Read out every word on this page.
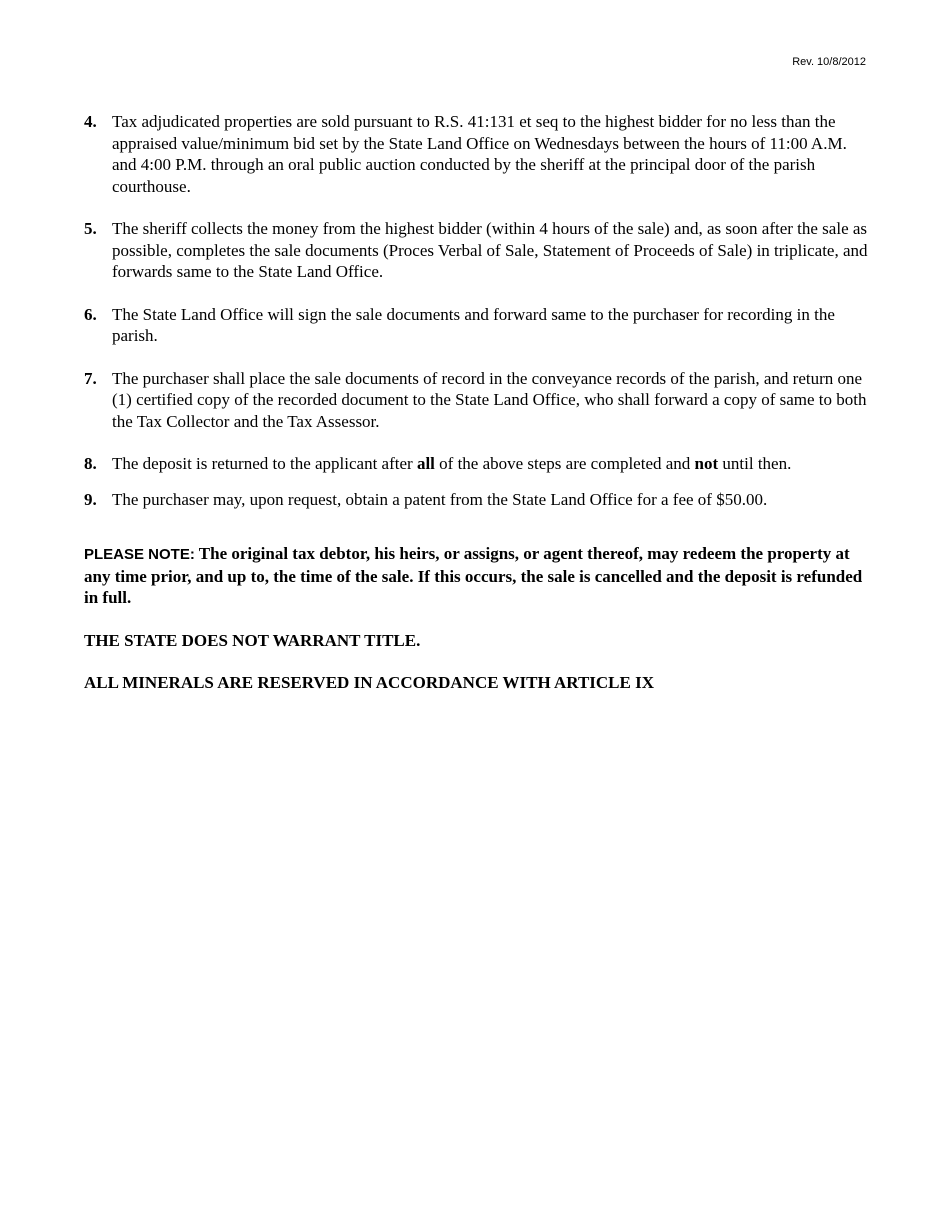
Rev. 10/8/2012
4. Tax adjudicated properties are sold pursuant to R.S. 41:131 et seq to the highest bidder for no less than the appraised value/minimum bid set by the State Land Office on Wednesdays between the hours of 11:00 A.M. and 4:00 P.M. through an oral public auction conducted by the sheriff at the principal door of the parish courthouse.
5. The sheriff collects the money from the highest bidder (within 4 hours of the sale) and, as soon after the sale as possible, completes the sale documents (Proces Verbal of Sale, Statement of Proceeds of Sale) in triplicate, and forwards same to the State Land Office.
6. The State Land Office will sign the sale documents and forward same to the purchaser for recording in the parish.
7. The purchaser shall place the sale documents of record in the conveyance records of the parish, and return one (1) certified copy of the recorded document to the State Land Office, who shall forward a copy of same to both the Tax Collector and the Tax Assessor.
8. The deposit is returned to the applicant after all of the above steps are completed and not until then.
9. The purchaser may, upon request, obtain a patent from the State Land Office for a fee of $50.00.
PLEASE NOTE: The original tax debtor, his heirs, or assigns, or agent thereof, may redeem the property at any time prior, and up to, the time of the sale. If this occurs, the sale is cancelled and the deposit is refunded in full.
THE STATE DOES NOT WARRANT TITLE.
ALL MINERALS ARE RESERVED IN ACCORDANCE WITH ARTICLE IX
